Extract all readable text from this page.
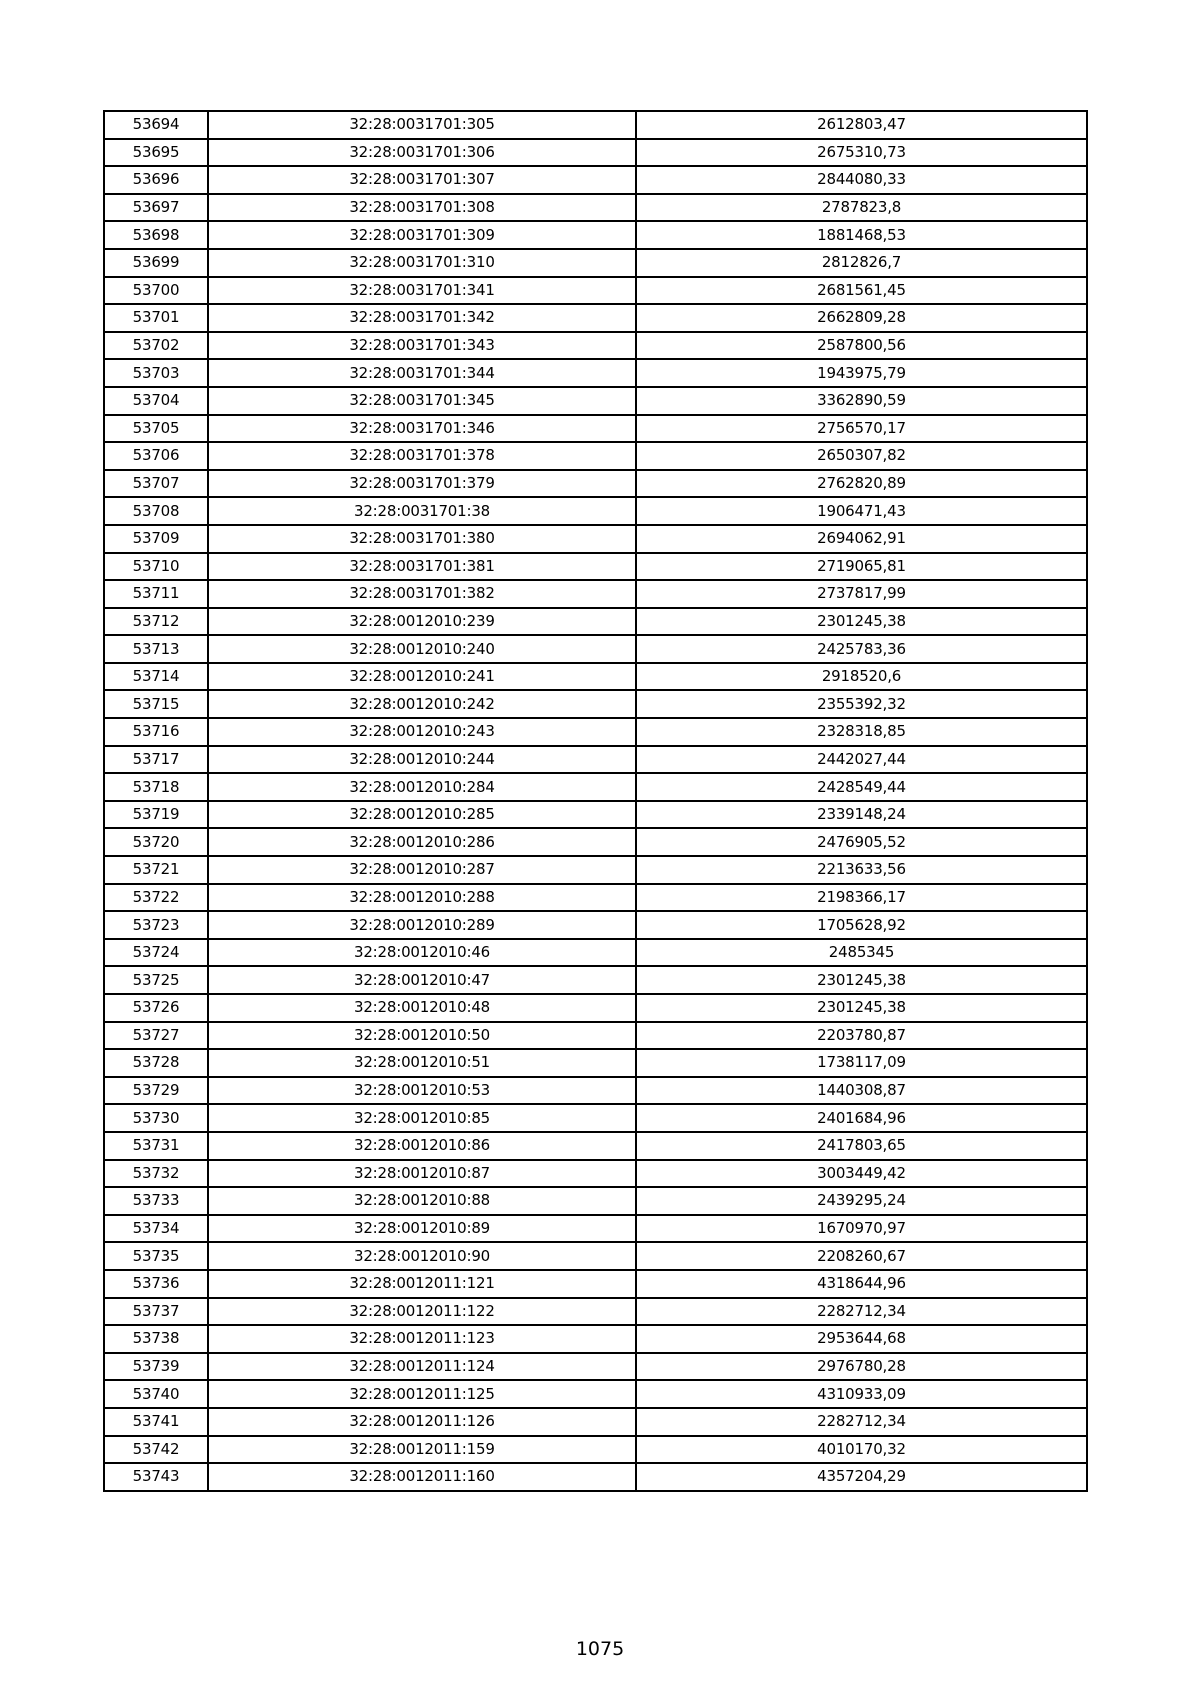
53694	32:28:0031701:305	2612803,47
53695	32:28:0031701:306	2675310,73
53696	32:28:0031701:307	2844080,33
53697	32:28:0031701:308	2787823,8
53698	32:28:0031701:309	1881468,53
53699	32:28:0031701:310	2812826,7
53700	32:28:0031701:341	2681561,45
53701	32:28:0031701:342	2662809,28
53702	32:28:0031701:343	2587800,56
53703	32:28:0031701:344	1943975,79
53704	32:28:0031701:345	3362890,59
53705	32:28:0031701:346	2756570,17
53706	32:28:0031701:378	2650307,82
53707	32:28:0031701:379	2762820,89
53708	32:28:0031701:38	1906471,43
53709	32:28:0031701:380	2694062,91
53710	32:28:0031701:381	2719065,81
53711	32:28:0031701:382	2737817,99
53712	32:28:0012010:239	2301245,38
53713	32:28:0012010:240	2425783,36
53714	32:28:0012010:241	2918520,6
53715	32:28:0012010:242	2355392,32
53716	32:28:0012010:243	2328318,85
53717	32:28:0012010:244	2442027,44
53718	32:28:0012010:284	2428549,44
53719	32:28:0012010:285	2339148,24
53720	32:28:0012010:286	2476905,52
53721	32:28:0012010:287	2213633,56
53722	32:28:0012010:288	2198366,17
53723	32:28:0012010:289	1705628,92
53724	32:28:0012010:46	2485345
53725	32:28:0012010:47	2301245,38
53726	32:28:0012010:48	2301245,38
53727	32:28:0012010:50	2203780,87
53728	32:28:0012010:51	1738117,09
53729	32:28:0012010:53	1440308,87
53730	32:28:0012010:85	2401684,96
53731	32:28:0012010:86	2417803,65
53732	32:28:0012010:87	3003449,42
53733	32:28:0012010:88	2439295,24
53734	32:28:0012010:89	1670970,97
53735	32:28:0012010:90	2208260,67
53736	32:28:0012011:121	4318644,96
53737	32:28:0012011:122	2282712,34
53738	32:28:0012011:123	2953644,68
53739	32:28:0012011:124	2976780,28
53740	32:28:0012011:125	4310933,09
53741	32:28:0012011:126	2282712,34
53742	32:28:0012011:159	4010170,32
53743	32:28:0012011:160	4357204,29
1075
